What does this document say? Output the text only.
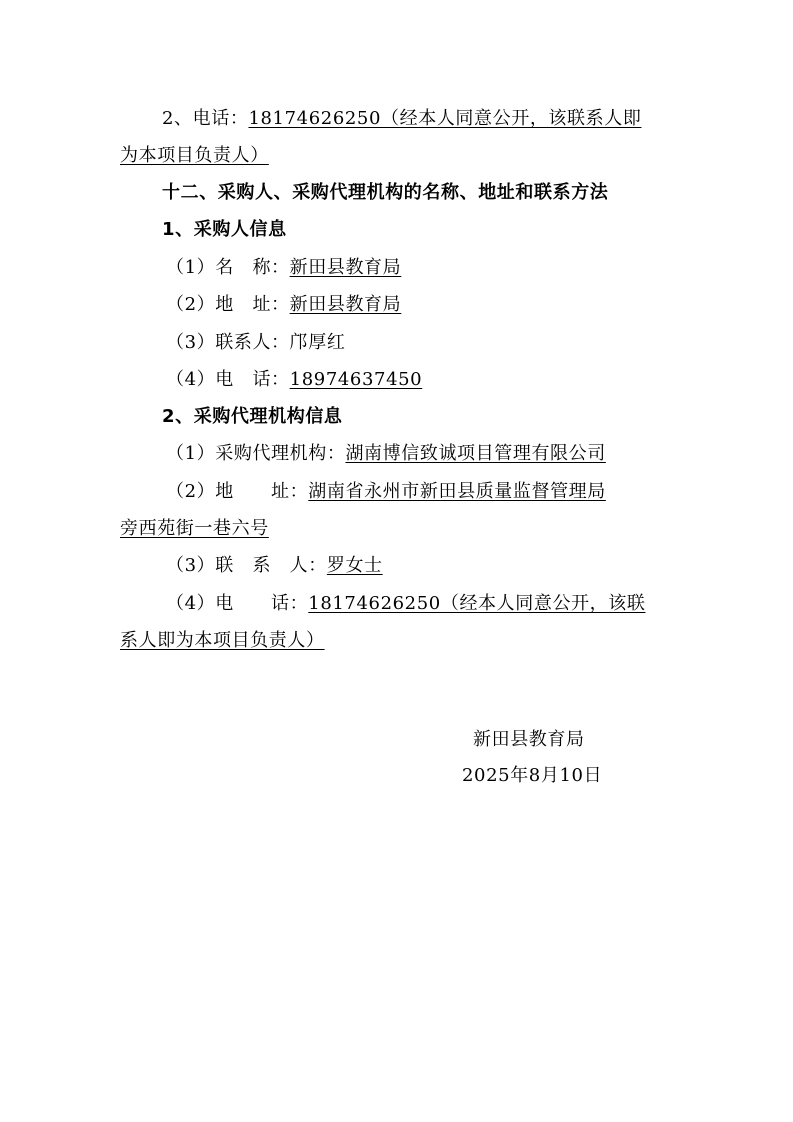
2、电话：18174626250（经本人同意公开，该联系人即
为本项目负责人）
十二、采购人、采购代理机构的名称、地址和联系方法
1、采购人信息
（1）名　称：新田县教育局
（2）地　址：新田县教育局
（3）联系人：邝厚红
（4）电　话：18974637450
2、采购代理机构信息
（1）采购代理机构：湖南博信致诚项目管理有限公司
（2）地　　址：湖南省永州市新田县质量监督管理局
旁西苑街一巷六号
（3）联　系　人：罗女士
（4）电　　话：18174626250（经本人同意公开，该联
系人即为本项目负责人）
新田县教育局
2025年8月10日
